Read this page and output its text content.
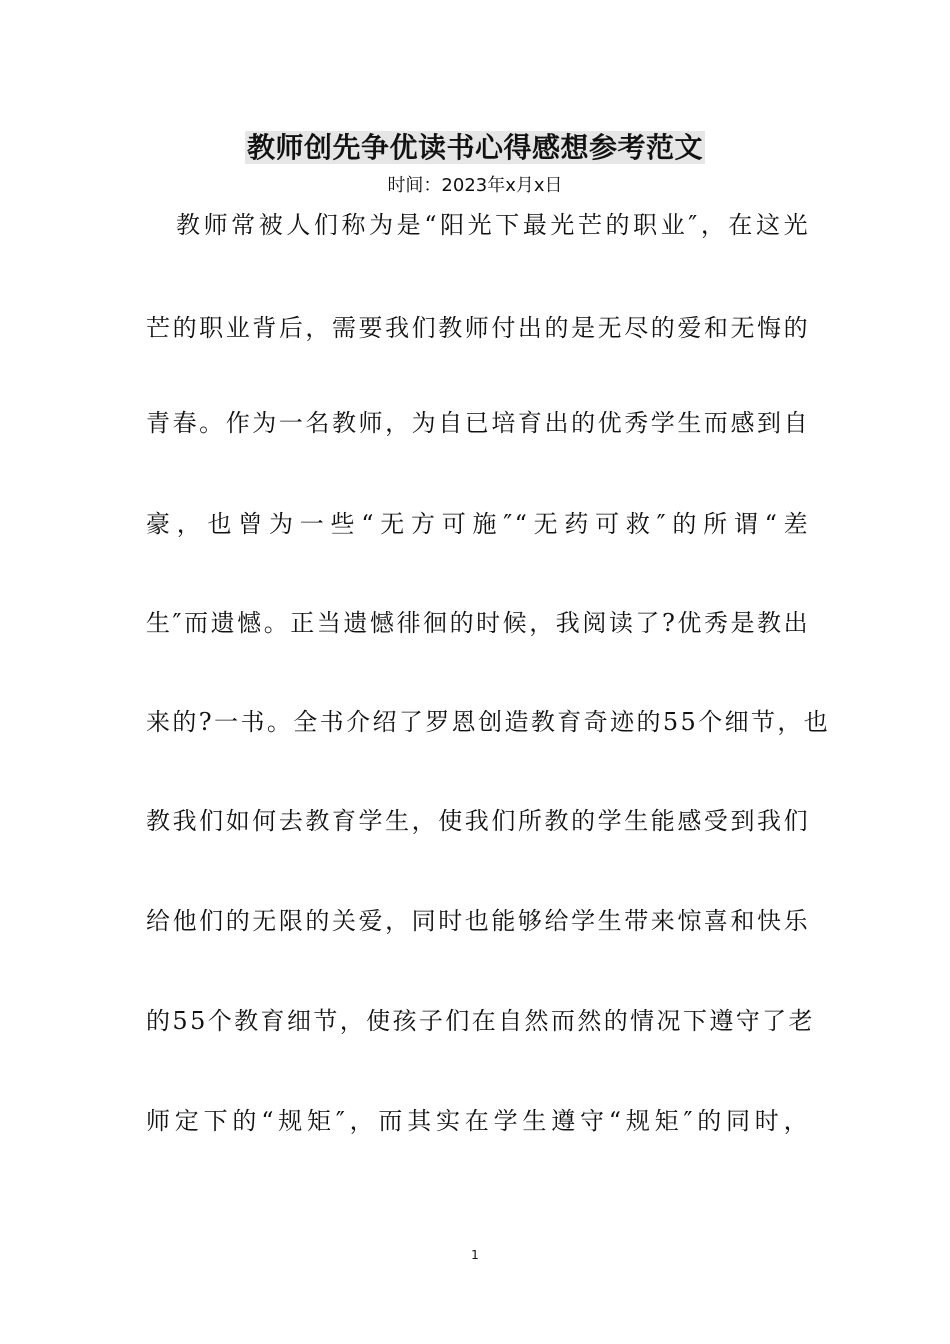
教师创先争优读书心得感想参考范文
时间：2023年x月x日
教师常被人们称为是“阳光下最光芒的职业″，在这光
芒的职业背后，需要我们教师付出的是无尽的爱和无悔的
青春。作为一名教师，为自已培育出的优秀学生而感到自
豪，也曾为一些“无方可施″“无药可救″的所谓“差
生″而遗憾。正当遗憾徘徊的时候，我阅读了?优秀是教出
来的?一书。全书介绍了罗恩创造教育奇迹的55个细节，也
教我们如何去教育学生，使我们所教的学生能感受到我们
给他们的无限的关爱，同时也能够给学生带来惊喜和快乐
的55个教育细节，使孩子们在自然而然的情况下遵守了老
师定下的“规矩″，而其实在学生遵守“规矩″的同时，
1
